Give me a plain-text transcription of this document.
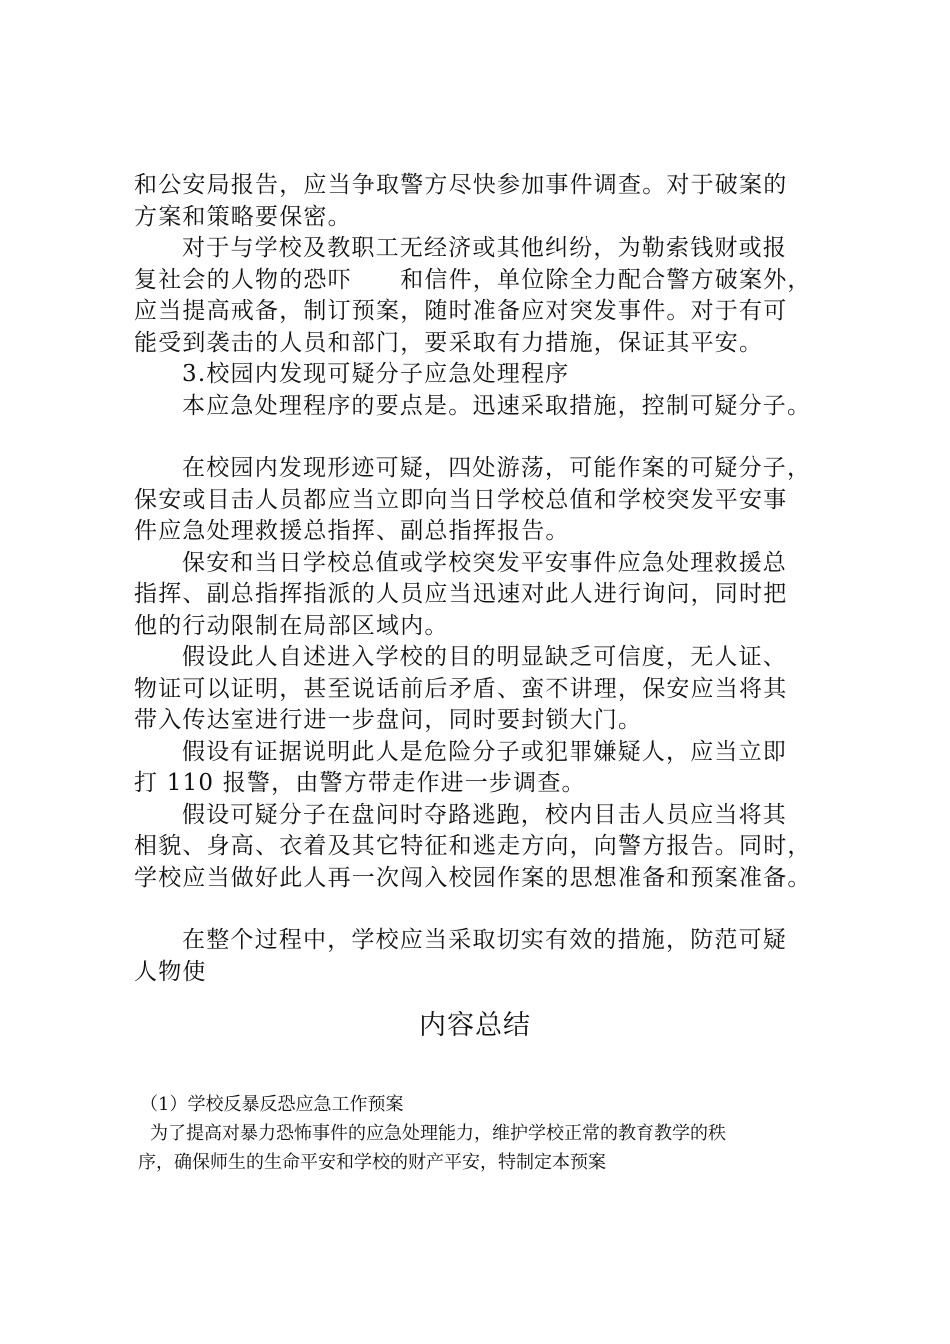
和公安局报告，应当争取警方尽快参加事件调查。对于破案的
方案和策略要保密。
对于与学校及教职工无经济或其他纠纷，为勒索钱财或报
复社会的人物的恐吓　　和信件，单位除全力配合警方破案外，
应当提高戒备，制订预案，随时准备应对突发事件。对于有可
能受到袭击的人员和部门，要采取有力措施，保证其平安。
3.校园内发现可疑分子应急处理程序
本应急处理程序的要点是。迅速采取措施，控制可疑分子。
在校园内发现形迹可疑，四处游荡，可能作案的可疑分子，
保安或目击人员都应当立即向当日学校总值和学校突发平安事
件应急处理救援总指挥、副总指挥报告。
保安和当日学校总值或学校突发平安事件应急处理救援总
指挥、副总指挥指派的人员应当迅速对此人进行询问，同时把
他的行动限制在局部区域内。
假设此人自述进入学校的目的明显缺乏可信度，无人证、
物证可以证明，甚至说话前后矛盾、蛮不讲理，保安应当将其
带入传达室进行进一步盘问，同时要封锁大门。
假设有证据说明此人是危险分子或犯罪嫌疑人，应当立即
打 110 报警，由警方带走作进一步调查。
假设可疑分子在盘问时夺路逃跑，校内目击人员应当将其
相貌、身高、衣着及其它特征和逃走方向，向警方报告。同时，
学校应当做好此人再一次闯入校园作案的思想准备和预案准备。
在整个过程中，学校应当采取切实有效的措施，防范可疑
人物使
内容总结
（1）学校反暴反恐应急工作预案
为了提高对暴力恐怖事件的应急处理能力，维护学校正常的教育教学的秩
序，确保师生的生命平安和学校的财产平安，特制定本预案
